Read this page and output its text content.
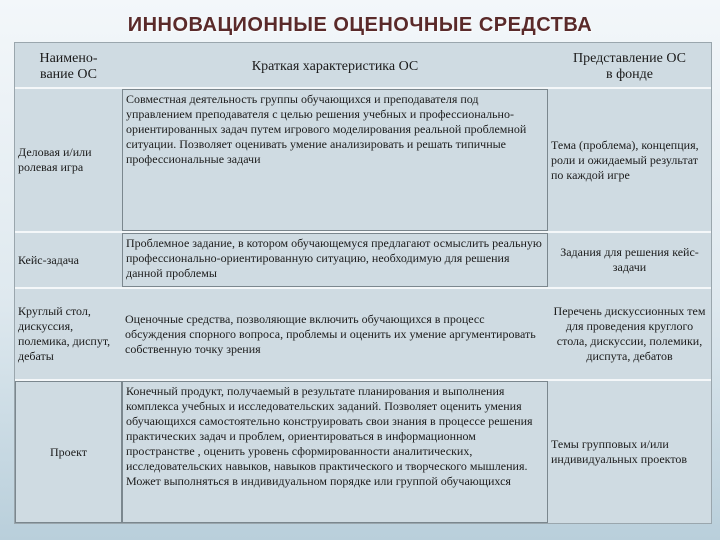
ИННОВАЦИОННЫЕ ОЦЕНОЧНЫЕ СРЕДСТВА
Наимено-
вание ОС
Краткая характеристика ОС
Представление ОС
в фонде
Деловая и/или
ролевая игра
Совместная деятельность группы обучающихся и преподавателя под управлением преподавателя с целью решения учебных и профессионально-ориентированных задач путем игрового моделирования реальной проблемной ситуации. Позволяет оценивать умение анализировать и решать типичные профессиональные задачи
Тема (проблема), концепция, роли и ожидаемый результат по каждой игре
Кейс-задача
Проблемное задание, в котором обучающемуся предлагают осмыслить реальную профессионально-ориентированную ситуацию, необходимую для решения данной проблемы
Задания для решения кейс- задачи
Круглый стол, дискуссия, полемика, диспут, дебаты
Оценочные средства, позволяющие включить обучающихся в процесс обсуждения спорного вопроса, проблемы и оценить их умение аргументировать собственную точку зрения
Перечень дискуссионных тем для проведения круглого стола, дискуссии, полемики, диспута, дебатов
Проект
Конечный продукт, получаемый в результате планирования и выполнения комплекса учебных и исследовательских заданий. Позволяет оценить умения обучающихся самостоятельно конструировать свои знания в процессе решения практических задач и проблем, ориентироваться в информационном пространстве , оценить уровень сформированности аналитических, исследовательских навыков, навыков практического и творческого мышления. Может выполняться в индивидуальном порядке или группой обучающихся
Темы групповых и/или индивидуальных проектов
